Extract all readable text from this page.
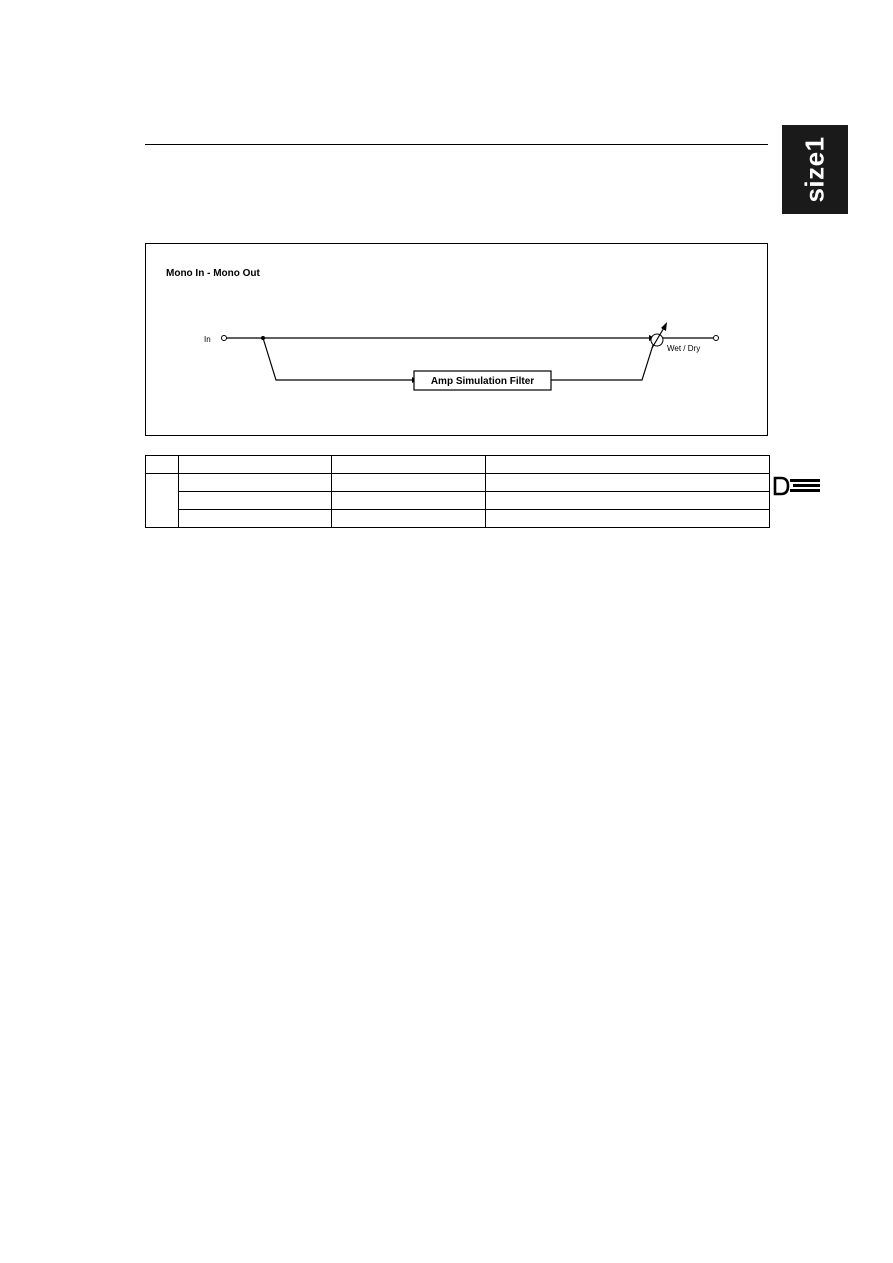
size1
Mono In - Mono Out
In
Amp Simulation Filter
Wet / Dry
